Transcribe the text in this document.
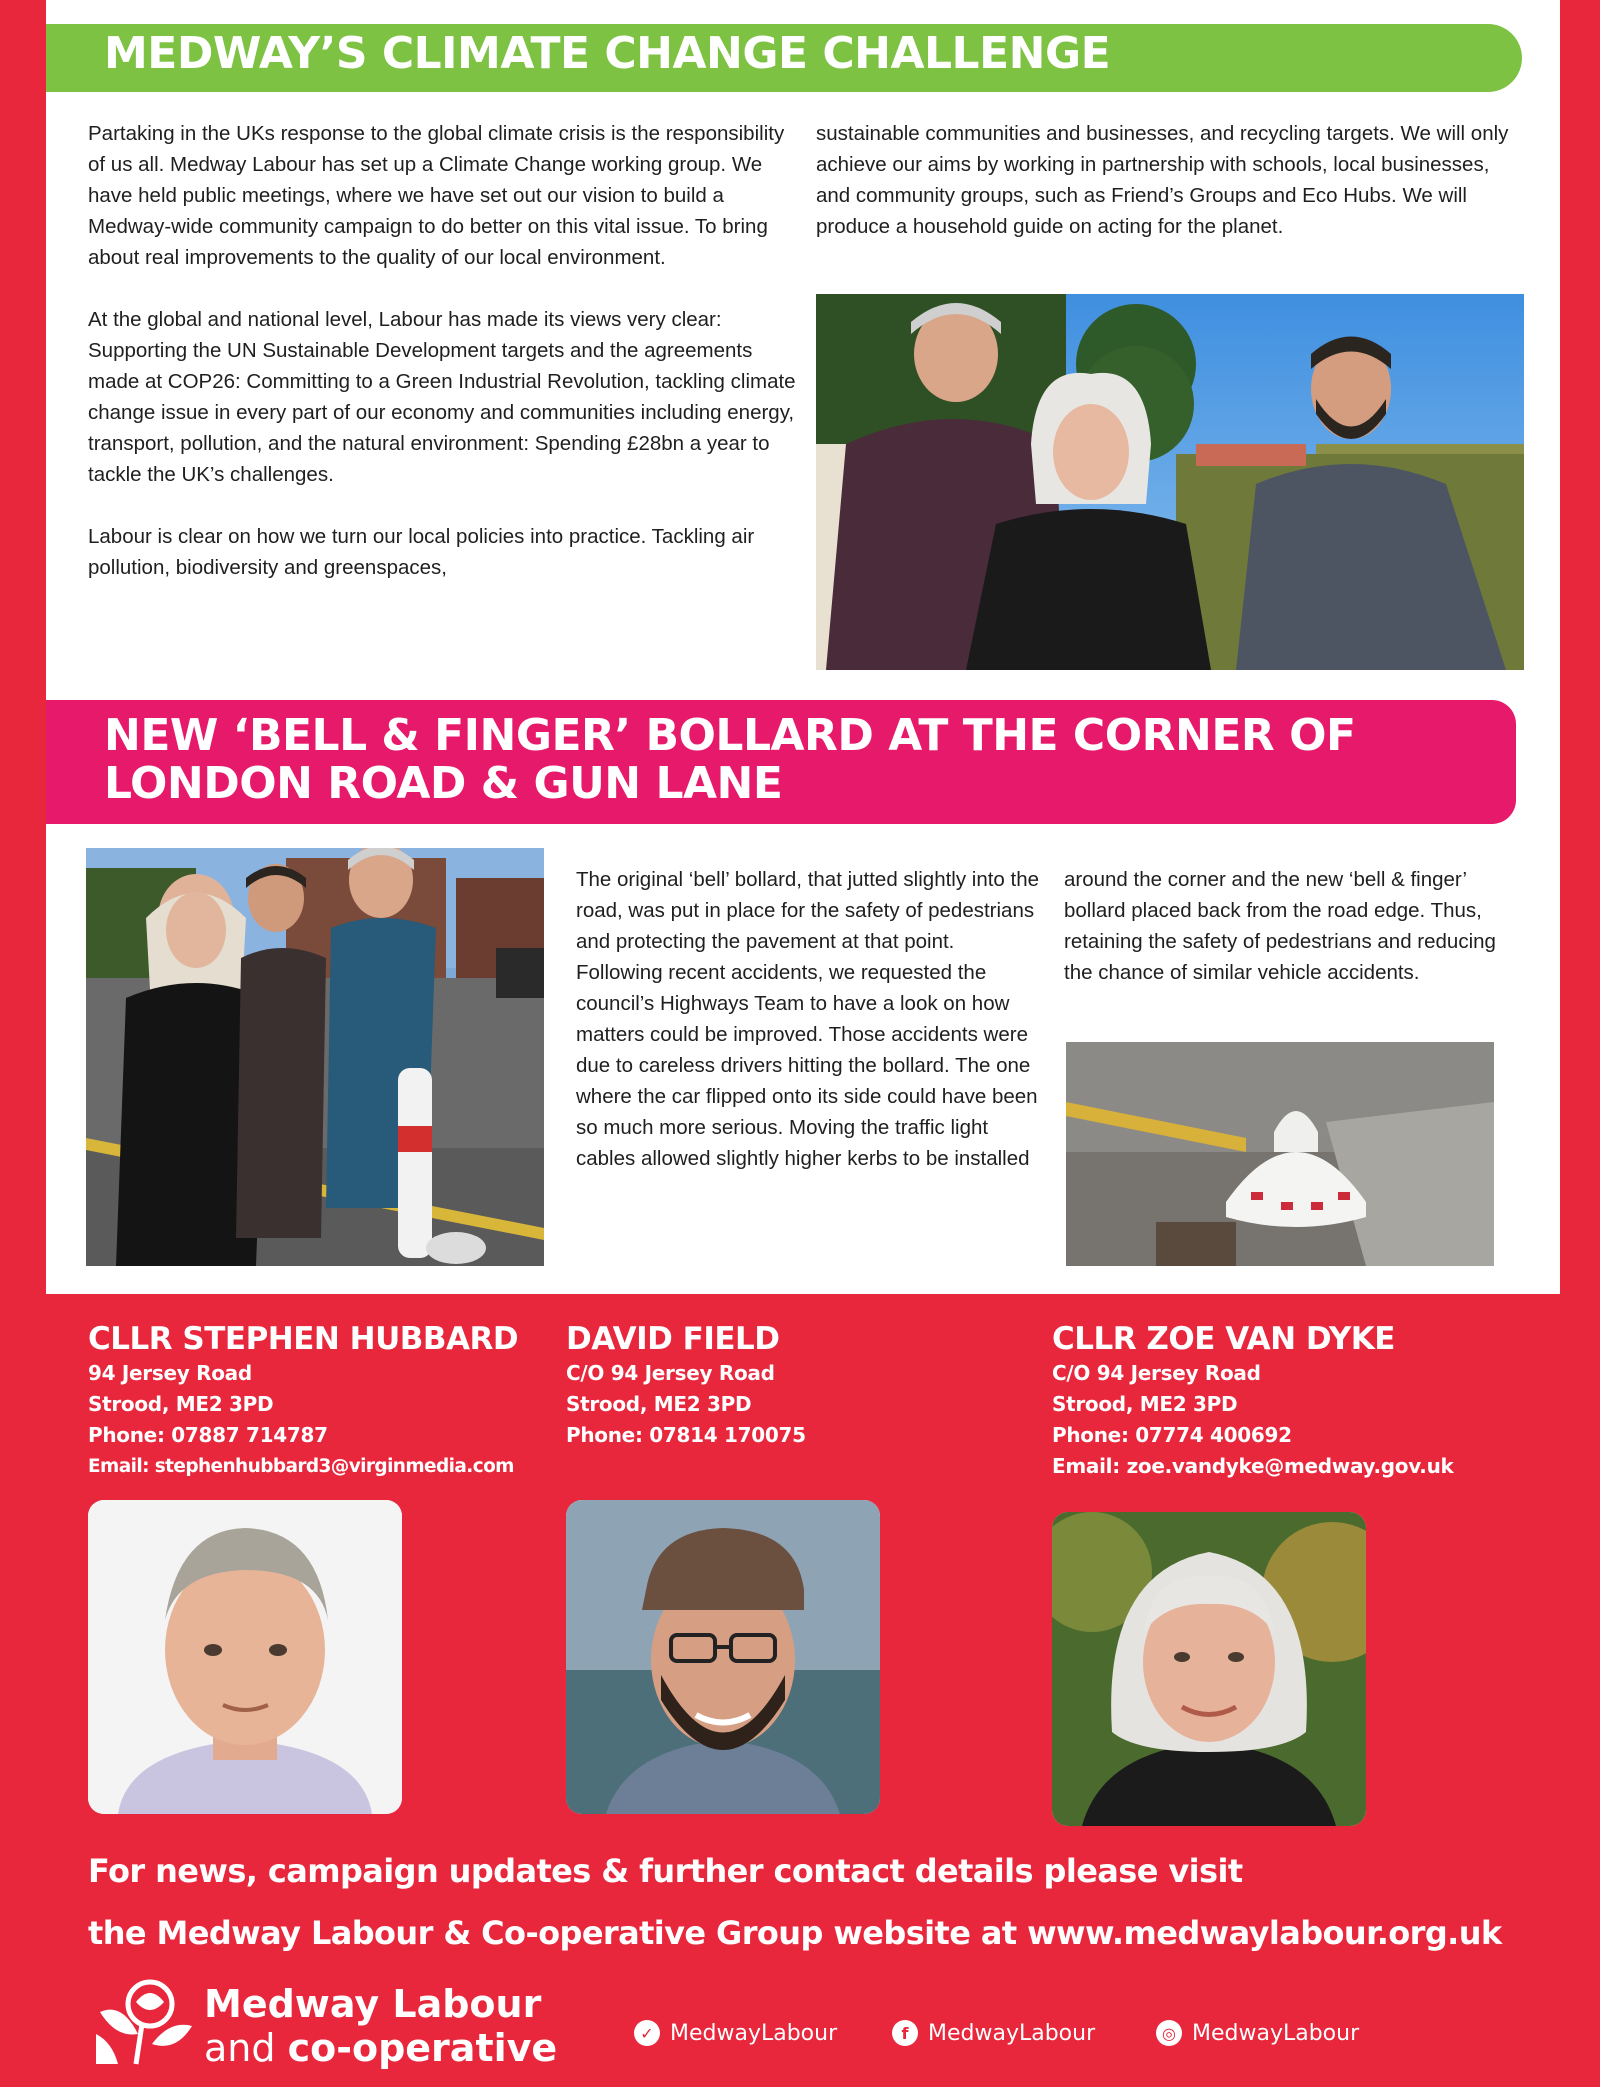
MEDWAY’S CLIMATE CHANGE CHALLENGE

Partaking in the UKs response to the global climate crisis is the responsibility of us all. Medway Labour has set up a Climate Change working group. We have held public meetings, where we have set out our vision to build a Medway-wide community campaign to do better on this vital issue. To bring about real improvements to the quality of our local environment.

At the global and national level, Labour has made its views very clear: Supporting the UN Sustainable Development targets and the agreements made at COP26: Committing to a Green Industrial Revolution, tackling climate change issue in every part of our economy and communities including energy, transport, pollution, and the natural environment: Spending £28bn a year to tackle the UK’s challenges.

Labour is clear on how we turn our local policies into practice. Tackling air pollution, biodiversity and greenspaces,

sustainable communities and businesses, and recycling targets. We will only achieve our aims by working in partnership with schools, local businesses, and community groups, such as Friend’s Groups and Eco Hubs. We will produce a household guide on acting for the planet.

NEW ‘BELL & FINGER’ BOLLARD AT THE CORNER OF
LONDON ROAD & GUN LANE

The original ‘bell’ bollard, that jutted slightly into the road, was put in place for the safety of pedestrians and protecting the pavement at that point. Following recent accidents, we requested the council’s Highways Team to have a look on how matters could be improved. Those accidents were due to careless drivers hitting the bollard. The one where the car flipped onto its side could have been so much more serious. Moving the traffic light cables allowed slightly higher kerbs to be installed

around the corner and the new ‘bell & finger’ bollard placed back from the road edge. Thus, retaining the safety of pedestrians and reducing the chance of similar vehicle accidents.

CLLR STEPHEN HUBBARD
94 Jersey Road
Strood, ME2 3PD
Phone: 07887 714787
Email: stephenhubbard3@virginmedia.com
DAVID FIELD
C/O 94 Jersey Road
Strood, ME2 3PD
Phone: 07814 170075
CLLR ZOE VAN DYKE
C/O 94 Jersey Road
Strood, ME2 3PD
Phone: 07774 400692
Email: zoe.vandyke@medway.gov.uk
For news, campaign updates & further contact details please visit
the Medway Labour & Co-operative Group website at www.medwaylabour.org.uk
Medway Labour
and co-operative	✓ MedwayLabour	f MedwayLabour	◎ MedwayLabour
